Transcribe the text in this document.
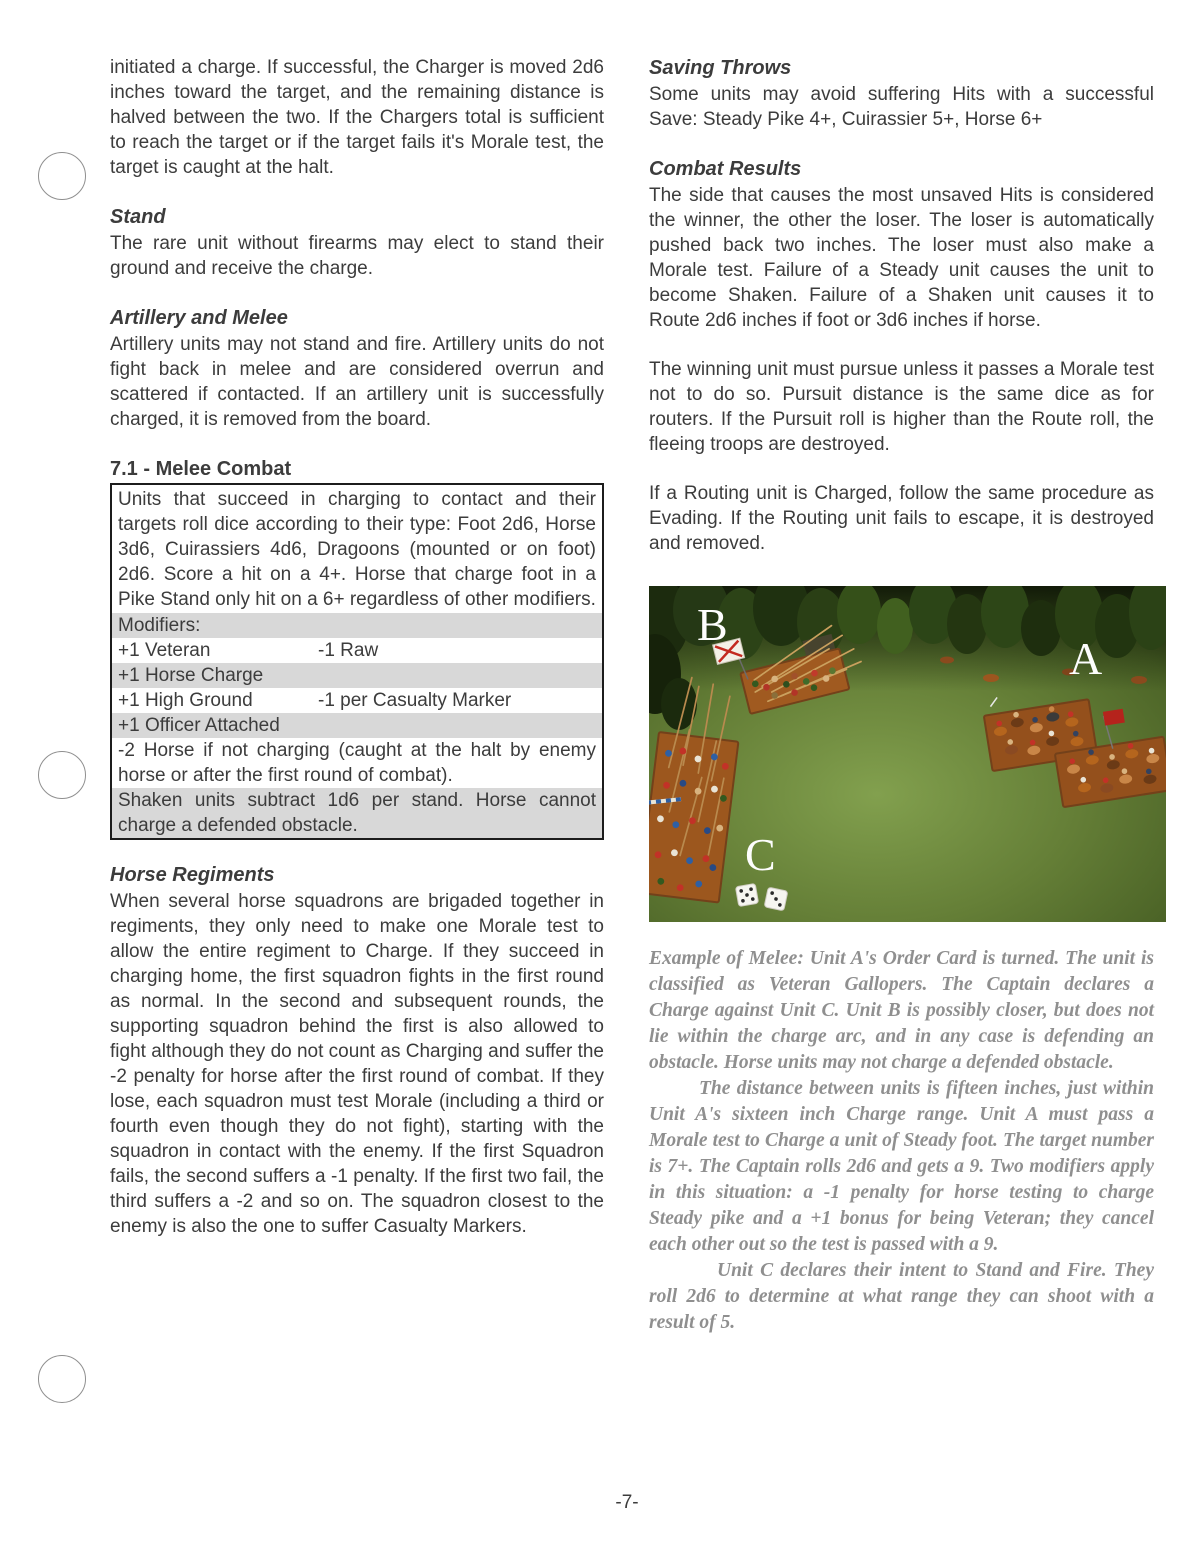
initiated a charge. If successful, the Charger is moved 2d6 inches toward the target, and the remaining distance is halved between the two. If the Chargers total is sufficient to reach the target or if the target fails it's Morale test, the target is caught at the halt.

Stand

The rare unit without firearms may elect to stand their ground and receive the charge.

Artillery and Melee

Artillery units may not stand and fire. Artillery units do not fight back in melee and are considered overrun and scattered if contacted. If an artillery unit is successfully charged, it is removed from the board.

7.1 - Melee Combat
Units that succeed in charging to contact and their targets roll dice according to their type: Foot 2d6, Horse 3d6, Cuirassiers 4d6, Dragoons (mounted or on foot) 2d6. Score a hit on a 4+. Horse that charge foot in a Pike Stand only hit on a 6+ regardless of other modifiers.
Modifiers:
+1 Veteran	-1 Raw
+1 Horse Charge
+1 High Ground	-1 per Casualty Marker
+1 Officer Attached
-2 Horse if not charging (caught at the halt by enemy horse or after the first round of combat).
Shaken units subtract 1d6 per stand. Horse cannot charge a defended obstacle.
Horse Regiments

When several horse squadrons are brigaded together in regiments, they only need to make one Morale test to allow the entire regiment to Charge. If they succeed in charging home, the first squadron fights in the first round as normal. In the second and subsequent rounds, the supporting squadron behind the first is also allowed to fight although they do not count as Charging and suffer the -2 penalty for horse after the first round of combat. If they lose, each squadron must test Morale (including a third or fourth even though they do not fight), starting with the squadron in contact with the enemy. If the first Squadron fails, the second suffers a -1 penalty. If the first two fail, the third suffers a -2 and so on. The squadron closest to the enemy is also the one to suffer Casualty Markers.

Saving Throws

Some units may avoid suffering Hits with a successful Save: Steady Pike 4+, Cuirassier 5+, Horse 6+

Combat Results

The side that causes the most unsaved Hits is considered the winner, the other the loser. The loser is automatically pushed back two inches. The loser must also make a Morale test. Failure of a Steady unit causes the unit to become Shaken. Failure of a Shaken unit causes it to Route 2d6 inches if foot or 3d6 inches if horse.

The winning unit must pursue unless it passes a Morale test not to do so. Pursuit distance is the same dice as for routers. If the Pursuit roll is higher than the Route roll, the fleeing troops are destroyed.

If a Routing unit is Charged, follow the same procedure as Evading. If the Routing unit fails to escape, it is destroyed and removed.

B
A
C

Example of Melee: Unit A's Order Card is turned. The unit is classified as Veteran Gallopers. The Captain declares a Charge against Unit C. Unit B is possibly closer, but does not lie within the charge arc, and in any case is defending an obstacle. Horse units may not charge a defended obstacle.

The distance between units is fifteen inches, just within Unit A's sixteen inch Charge range. Unit A must pass a Morale test to Charge a unit of Steady foot. The target number is 7+. The Captain rolls 2d6 and gets a 9. Two modifiers apply in this situation: a -1 penalty for horse testing to charge Steady pike and a +1 bonus for being Veteran; they cancel each other out so the test is passed with a 9.

Unit C declares their intent to Stand and Fire. They roll 2d6 to determine at what range they can shoot with a result of 5.

-7-
